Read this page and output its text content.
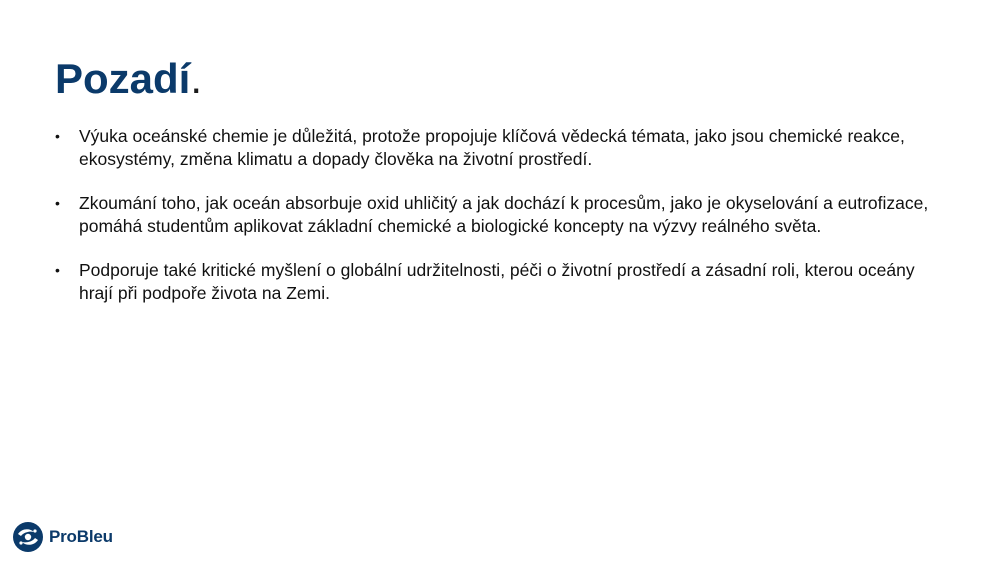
Pozadí.
• Výuka oceánské chemie je důležitá, protože propojuje klíčová vědecká témata, jako jsou chemické reakce, ekosystémy, změna klimatu a dopady člověka na životní prostředí.
• Zkoumání toho, jak oceán absorbuje oxid uhličitý a jak dochází k procesům, jako je okyselování a eutrofizace, pomáhá studentům aplikovat základní chemické a biologické koncepty na výzvy reálného světa.
• Podporuje také kritické myšlení o globální udržitelnosti, péči o životní prostředí a zásadní roli, kterou oceány hrají při podpoře života na Zemi.
ProBleu
